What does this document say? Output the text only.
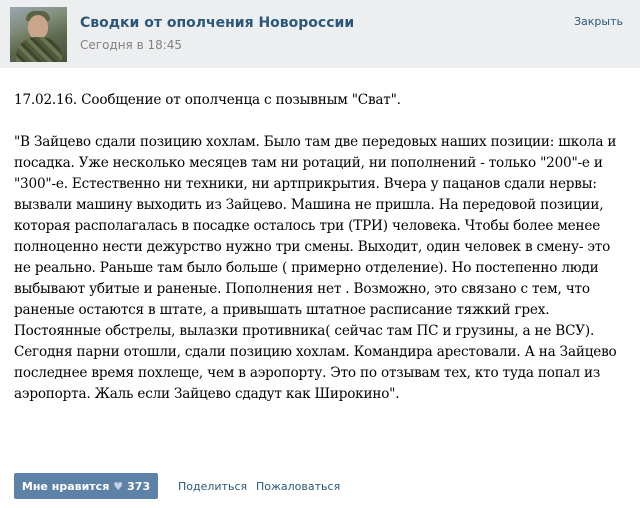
Сводки от ополчения Новороссии
Сегодня в 18:45
Закрыть

17.02.16. Сообщение от ополченца с позывным "Сват".

"В Зайцево сдали позицию хохлам. Было там две передовых наших позиции: школа и посадка. Уже несколько месяцев там ни ротаций, ни пополнений - только "200"-е и "300"-е. Естественно ни техники, ни артприкрытия. Вчера у пацанов сдали нервы: вызвали машину выходить из Зайцево. Машина не пришла. На передовой позиции, которая располагалась в посадке осталось три (ТРИ) человека. Чтобы более менее полноценно нести дежурство нужно три смены. Выходит, один человек в смену- это не реально. Раньше там было больше ( примерно отделение). Но постепенно люди выбывают убитые и раненые. Пополнения нет . Возможно, это связано с тем, что раненые остаются в штате, а привышать штатное расписание тяжкий грех. Постоянные обстрелы, вылазки противника( сейчас там ПС и грузины, а не ВСУ). Сегодня парни отошли, сдали позицию хохлам. Командира арестовали. А на Зайцево последнее время похлеще, чем в аэропорту. Это по отзывам тех, кто туда попал из аэропорта. Жаль если Зайцево сдадут как Широкино".

Мне нравится ♥ 373	Поделиться Пожаловаться
